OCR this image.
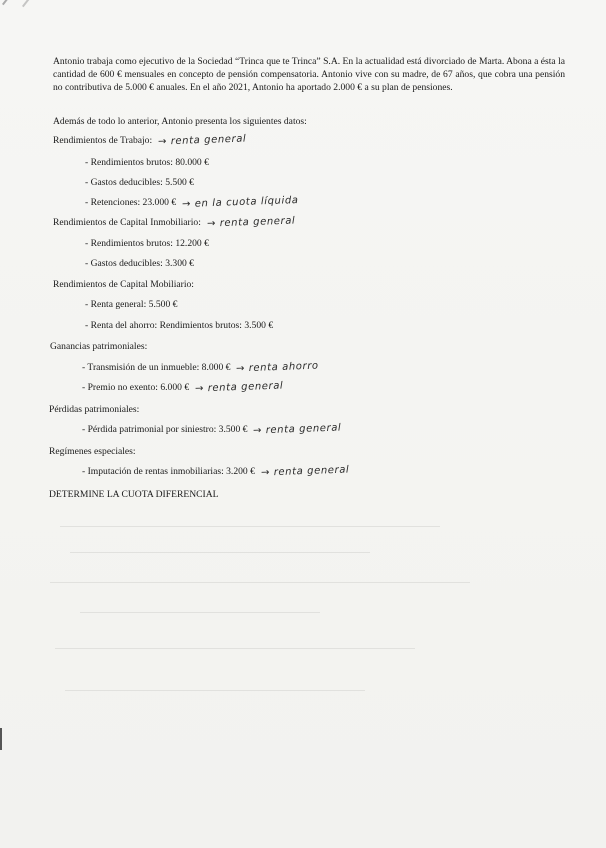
Antonio trabaja como ejecutivo de la Sociedad “Trinca que te Trinca” S.A. En la actualidad está divorciado de Marta. Abona a ésta la cantidad de 600 € mensuales en concepto de pensión compensatoria. Antonio vive con su madre, de 67 años, que cobra una pensión no contributiva de 5.000 € anuales. En el año 2021, Antonio ha aportado 2.000 € a su plan de pensiones.

Además de todo lo anterior, Antonio presenta los siguientes datos:
Rendimientos de Trabajo: → renta general
- Rendimientos brutos: 80.000 €
- Gastos deducibles: 5.500 €
- Retenciones: 23.000 € → en la cuota líquida
Rendimientos de Capital Inmobiliario: → renta general
- Rendimientos brutos: 12.200 €
- Gastos deducibles: 3.300 €
Rendimientos de Capital Mobiliario:
- Renta general: 5.500 €
- Renta del ahorro: Rendimientos brutos: 3.500 €
Ganancias patrimoniales:
- Transmisión de un inmueble: 8.000 € → renta ahorro
- Premio no exento: 6.000 € → renta general
Pérdidas patrimoniales:
- Pérdida patrimonial por siniestro: 3.500 € → renta general
Regímenes especiales:
- Imputación de rentas inmobiliarias: 3.200 € → renta general
DETERMINE LA CUOTA DIFERENCIAL
